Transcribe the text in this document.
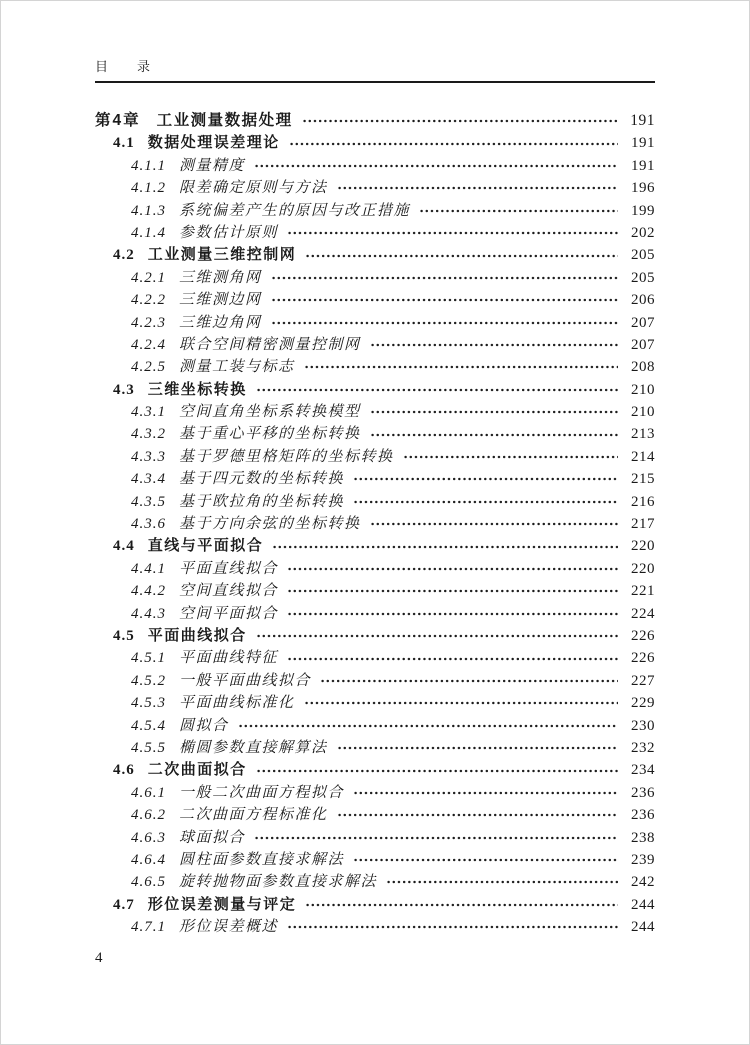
目　　录
第4章 工业测量数据处理	191
4.1 数据处理误差理论	191
4.1.1 测量精度	191
4.1.2 限差确定原则与方法	196
4.1.3 系统偏差产生的原因与改正措施	199
4.1.4 参数估计原则	202
4.2 工业测量三维控制网	205
4.2.1 三维测角网	205
4.2.2 三维测边网	206
4.2.3 三维边角网	207
4.2.4 联合空间精密测量控制网	207
4.2.5 测量工装与标志	208
4.3 三维坐标转换	210
4.3.1 空间直角坐标系转换模型	210
4.3.2 基于重心平移的坐标转换	213
4.3.3 基于罗德里格矩阵的坐标转换	214
4.3.4 基于四元数的坐标转换	215
4.3.5 基于欧拉角的坐标转换	216
4.3.6 基于方向余弦的坐标转换	217
4.4 直线与平面拟合	220
4.4.1 平面直线拟合	220
4.4.2 空间直线拟合	221
4.4.3 空间平面拟合	224
4.5 平面曲线拟合	226
4.5.1 平面曲线特征	226
4.5.2 一般平面曲线拟合	227
4.5.3 平面曲线标准化	229
4.5.4 圆拟合	230
4.5.5 椭圆参数直接解算法	232
4.6 二次曲面拟合	234
4.6.1 一般二次曲面方程拟合	236
4.6.2 二次曲面方程标准化	236
4.6.3 球面拟合	238
4.6.4 圆柱面参数直接求解法	239
4.6.5 旋转抛物面参数直接求解法	242
4.7 形位误差测量与评定	244
4.7.1 形位误差概述	244
4
